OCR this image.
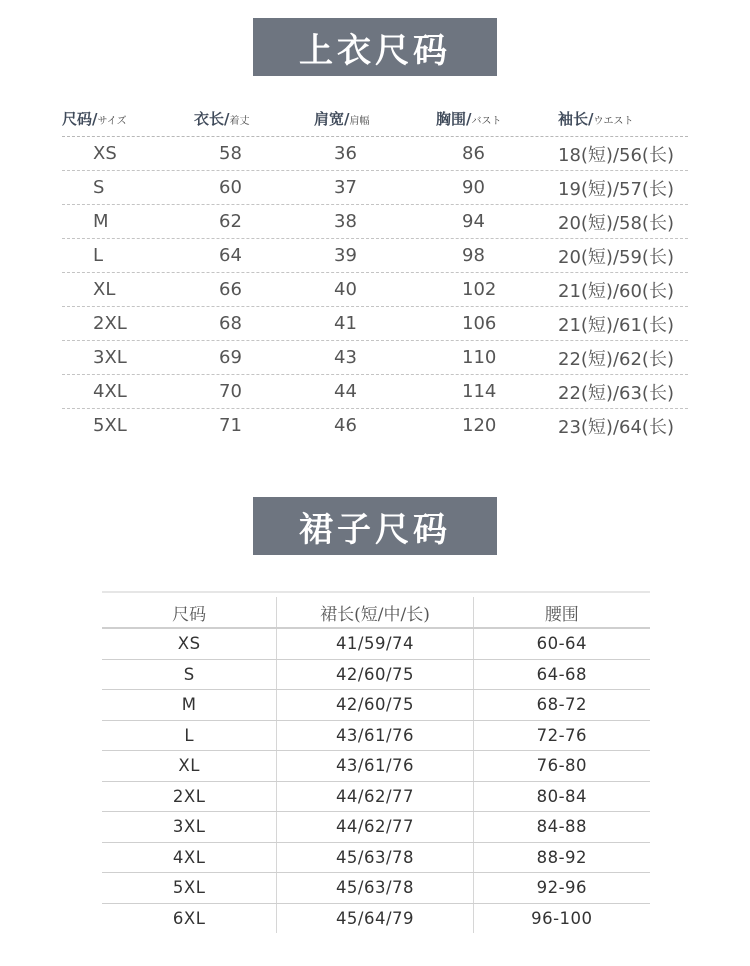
上衣尺码
尺码/サイズ	衣长/着丈	肩宽/肩幅	胸围/バスト	袖长/ウエスト
XS	58	36	86	18(短)/56(长)
S	60	37	90	19(短)/57(长)
M	62	38	94	20(短)/58(长)
L	64	39	98	20(短)/59(长)
XL	66	40	102	21(短)/60(长)
2XL	68	41	106	21(短)/61(长)
3XL	69	43	110	22(短)/62(长)
4XL	70	44	114	22(短)/63(长)
5XL	71	46	120	23(短)/64(长)
裙子尺码
尺码	裙长(短/中/长)	腰围
XS	41/59/74	60-64
S	42/60/75	64-68
M	42/60/75	68-72
L	43/61/76	72-76
XL	43/61/76	76-80
2XL	44/62/77	80-84
3XL	44/62/77	84-88
4XL	45/63/78	88-92
5XL	45/63/78	92-96
6XL	45/64/79	96-100
